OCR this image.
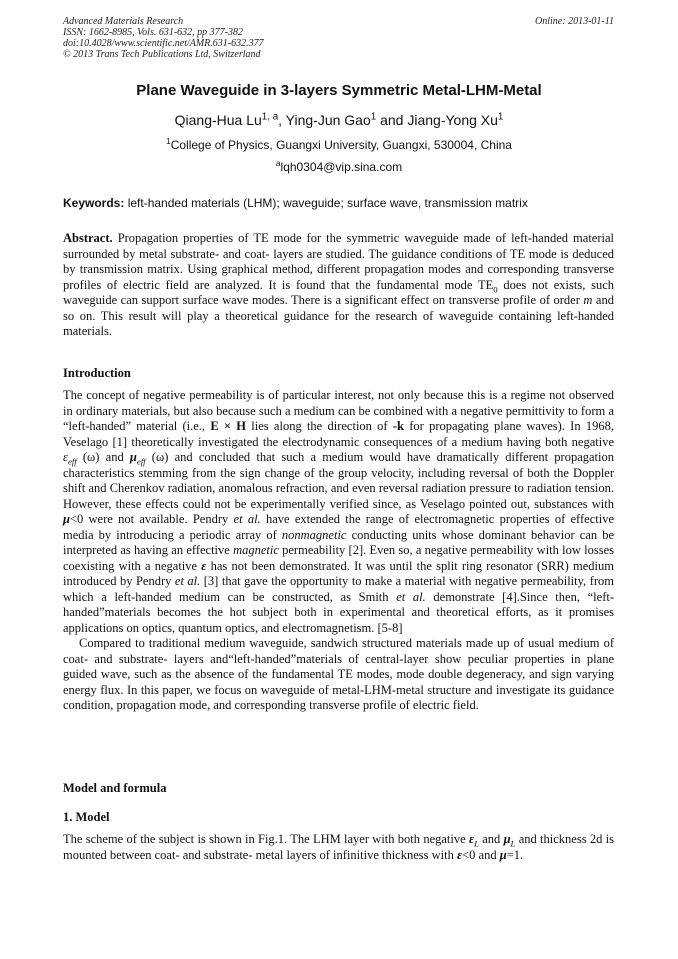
Advanced Materials Research
ISSN: 1662-8985, Vols. 631-632, pp 377-382
doi:10.4028/www.scientific.net/AMR.631-632.377
© 2013 Trans Tech Publications Ltd, Switzerland
Online: 2013-01-11
Plane Waveguide in 3-layers Symmetric Metal-LHM-Metal
Qiang-Hua Lu$^{1, a}$, Ying-Jun Gao$^1$ and Jiang-Yong Xu$^1$
$^1$College of Physics, Guangxi University, Guangxi, 530004, China
$^a$lqh0304@vip.sina.com
Keywords: left-handed materials (LHM); waveguide; surface wave, transmission matrix
Abstract. Propagation properties of TE mode for the symmetric waveguide made of left-handed material surrounded by metal substrate- and coat- layers are studied. The guidance conditions of TE mode is deduced by transmission matrix. Using graphical method, different propagation modes and corresponding transverse profiles of electric field are analyzed. It is found that the fundamental mode $TE_0$ does not exists, such waveguide can support surface wave modes. There is a significant effect on transverse profile of order m and so on. This result will play a theoretical guidance for the research of waveguide containing left-handed materials.
Introduction

The concept of negative permeability is of particular interest, not only because this is a regime not observed in ordinary materials, but also because such a medium can be combined with a negative permittivity to form a “left-handed” material (i.e., E × H lies along the direction of -k for propagating plane waves). In 1968, Veselago [1] theoretically investigated the electrodynamic consequences of a medium having both negative $\varepsilon_{eff}$ (ω) and $\mu_{eff}$ (ω) and concluded that such a medium would have dramatically different propagation characteristics stemming from the sign change of the group velocity, including reversal of both the Doppler shift and Cherenkov radiation, anomalous refraction, and even reversal radiation pressure to radiation tension. However, these effects could not be experimentally verified since, as Veselago pointed out, substances with μ<0 were not available. Pendry et al. have extended the range of electromagnetic properties of effective media by introducing a periodic array of nonmagnetic conducting units whose dominant behavior can be interpreted as having an effective magnetic permeability [2]. Even so, a negative permeability with low losses coexisting with a negative ε has not been demonstrated. It was until the split ring resonator (SRR) medium introduced by Pendry et al. [3] that gave the opportunity to make a material with negative permeability, from which a left-handed medium can be constructed, as Smith et al. demonstrate [4].Since then, “left-handed”materials becomes the hot subject both in experimental and theoretical efforts, as it promises applications on optics, quantum optics, and electromagnetism. [5-8]

Compared to traditional medium waveguide, sandwich structured materials made up of usual medium of coat- and substrate- layers and“left-handed”materials of central-layer show peculiar properties in plane guided wave, such as the absence of the fundamental TE modes, mode double degeneracy, and sign varying energy flux. In this paper, we focus on waveguide of metal-LHM-metal structure and investigate its guidance condition, propagation mode, and corresponding transverse profile of electric field.

Model and formula
1. Model
The scheme of the subject is shown in Fig.1. The LHM layer with both negative $\varepsilon_L$ and $\mu_L$ and thickness 2d is mounted between coat- and substrate- metal layers of infinitive thickness with ε<0 and μ=1.
